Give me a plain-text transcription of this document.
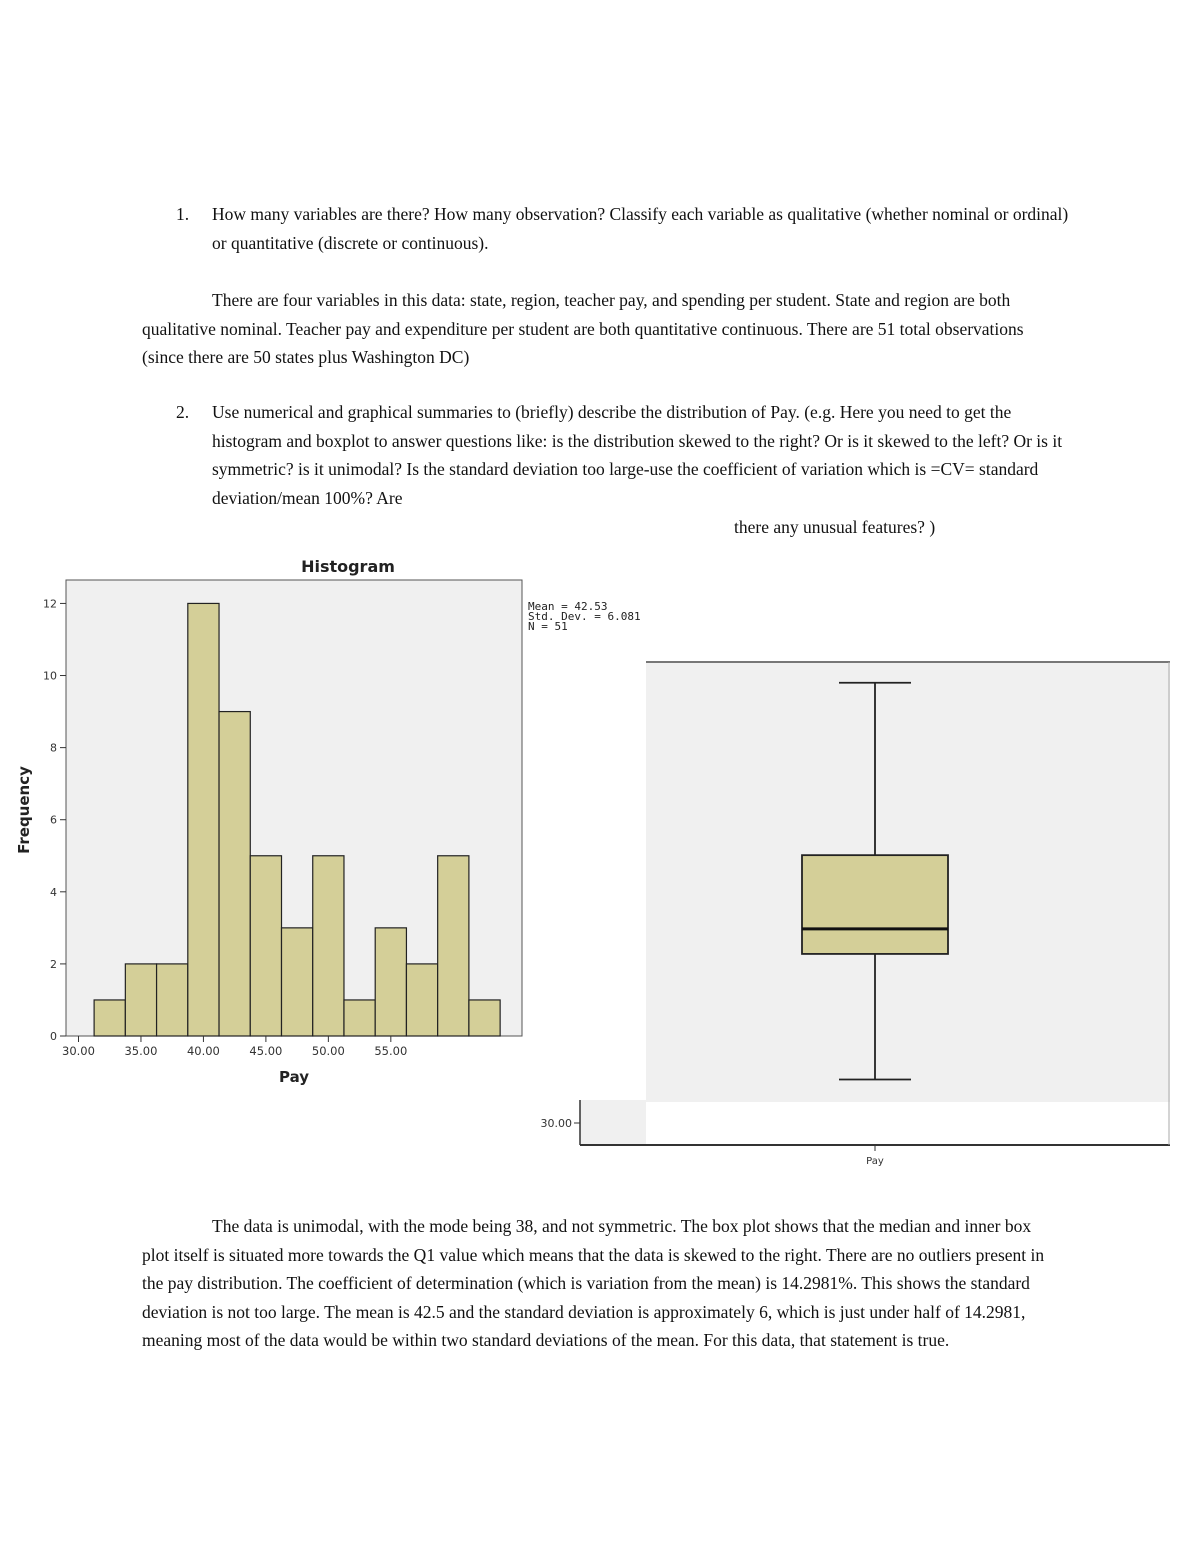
1. How many variables are there? How many observation? Classify each variable as qualitative (whether nominal or ordinal) or quantitative (discrete or continuous).
There are four variables in this data: state, region, teacher pay, and spending per student. State and region are both qualitative nominal. Teacher pay and expenditure per student are both quantitative continuous. There are 51 total observations (since there are 50 states plus Washington DC)
2. Use numerical and graphical summaries to (briefly) describe the distribution of Pay. (e.g. Here you need to get the histogram and boxplot to answer questions like: is the distribution skewed to the right? Or is it skewed to the left? Or is it symmetric? is it unimodal? Is the standard deviation too large-use the coefficient of variation which is =CV= standard deviation/mean 100%? Are
there any unusual features? )
Histogram
0
2
4
6
8
10
12
30.00	35.00	40.00	45.00	50.00	55.00
Pay
Frequency
Mean = 42.53
Std. Dev. = 6.081
N = 51
30.00
Pay
The data is unimodal, with the mode being 38, and not symmetric. The box plot shows that the median and inner box plot itself is situated more towards the Q1 value which means that the data is skewed to the right. There are no outliers present in the pay distribution. The coefficient of determination (which is variation from the mean) is 14.2981%. This shows the standard deviation is not too large. The mean is 42.5 and the standard deviation is approximately 6, which is just under half of 14.2981, meaning most of the data would be within two standard deviations of the mean. For this data, that statement is true.
